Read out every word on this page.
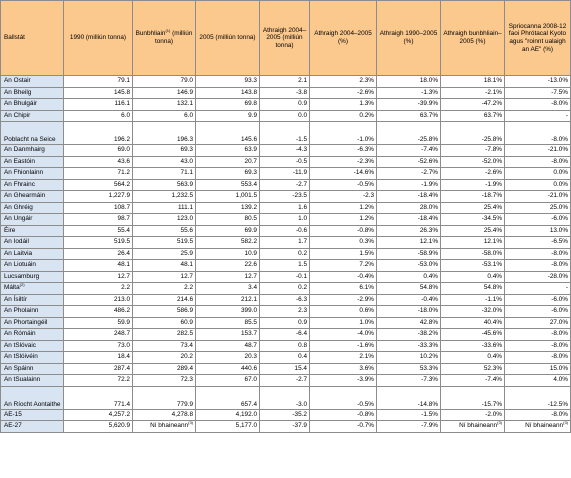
Ballstát	1990 (milliún tonna)	Bunbhliain$^{(1)}$ (milliún tonna)	2005 (milliún tonna)	Athraigh 2004–2005 (milliún tonna)	Athraigh 2004–2005 (%)	Athraigh 1990–2005 (%)	Athraigh bunbhliain–2005 (%)	Spriocanna 2008-12 faoi Phrótacal Kyoto agus "roinnt ualaigh an AE" (%)
An Ostair	79.1	79.0	93.3	2.1	2.3%	18.0%	18.1%	-13.0%
An Bheilg	145.8	146.9	143.8	-3.8	-2.6%	-1.3%	-2.1%	-7.5%
An Bhulgáir	116.1	132.1	69.8	0.9	1.3%	-39.9%	-47.2%	-8.0%
An Chipir	6.0	6.0	9.9	0.0	0.2%	63.7%	63.7%	-
Poblacht na Seice	196.2	196.3	145.6	-1.5	-1.0%	-25.8%	-25.8%	-8.0%
An Danmhairg	69.0	69.3	63.9	-4.3	-6.3%	-7.4%	-7.8%	-21.0%
An Eastóin	43.6	43.0	20.7	-0.5	-2.3%	-52.6%	-52.0%	-8.0%
An Fhionlainn	71.2	71.1	69.3	-11.9	-14.6%	-2.7%	-2.6%	0.0%
An Fhrainc	564.2	563.9	553.4	-2.7	-0.5%	-1.9%	-1.9%	0.0%
An Ghearmáin	1,227.9	1,232.5	1,001.5	-23.5	-2.3	-18.4%	-18.7%	-21.0%
An Ghréig	108.7	111.1	139.2	1.6	1.2%	28.0%	25.4%	25.0%
An Ungáir	98.7	123.0	80.5	1.0	1.2%	-18.4%	-34.5%	-6.0%
Éire	55.4	55.6	69.9	-0.6	-0.8%	26.3%	25.4%	13.0%
An Iodáil	519.5	519.5	582.2	1.7	0.3%	12.1%	12.1%	-6.5%
An Laitvia	26.4	25.9	10.9	0.2	1.5%	-58.9%	-58.0%	-8.0%
An Liotuáin	48.1	48.1	22.6	1.5	7.2%	-53.0%	-53.1%	-8.0%
Lucsamburg	12.7	12.7	12.7	-0.1	-0.4%	0.4%	0.4%	-28.0%
Málta$^{(2)}$	2.2	2.2	3.4	0.2	6.1%	54.8%	54.8%	-
An Ísiltír	213.0	214.6	212.1	-6.3	-2.9%	-0.4%	-1.1%	-6.0%
An Pholainn	486.2	586.9	399.0	2.3	0.6%	-18.0%	-32.0%	-6.0%
An Phortaingéil	59.9	60.9	85.5	0.9	1.0%	42.8%	40.4%	27.0%
An Rómáin	248.7	282.5	153.7	-6.4	-4.0%	-38.2%	-45.6%	-8.0%
An tSlóvaic	73.0	73.4	48.7	0.8	-1.6%	-33.3%	-33.6%	-8.0%
An tSlóivéin	18.4	20.2	20.3	0.4	2.1%	10.2%	0.4%	-8.0%
An Spáinn	287.4	289.4	440.6	15.4	3.6%	53.3%	52.3%	15.0%
An tSualainn	72.2	72.3	67.0	-2.7	-3.9%	-7.3%	-7.4%	4.0%
An Ríocht Aontaithe	771.4	779.9	657.4	-3.0	-0.5%	-14.8%	-15.7%	-12.5%
AE-15	4,257.2	4,278.8	4,192.0	-35.2	-0.8%	-1.5%	-2.0%	-8.0%
AE-27	5,620.9	Ní bhaineann$^{(3)}$	5,177.0	-37.9	-0.7%	-7.9%	Ní bhaineann$^{(3)}$	Ní bhaineann$^{(3)}$
